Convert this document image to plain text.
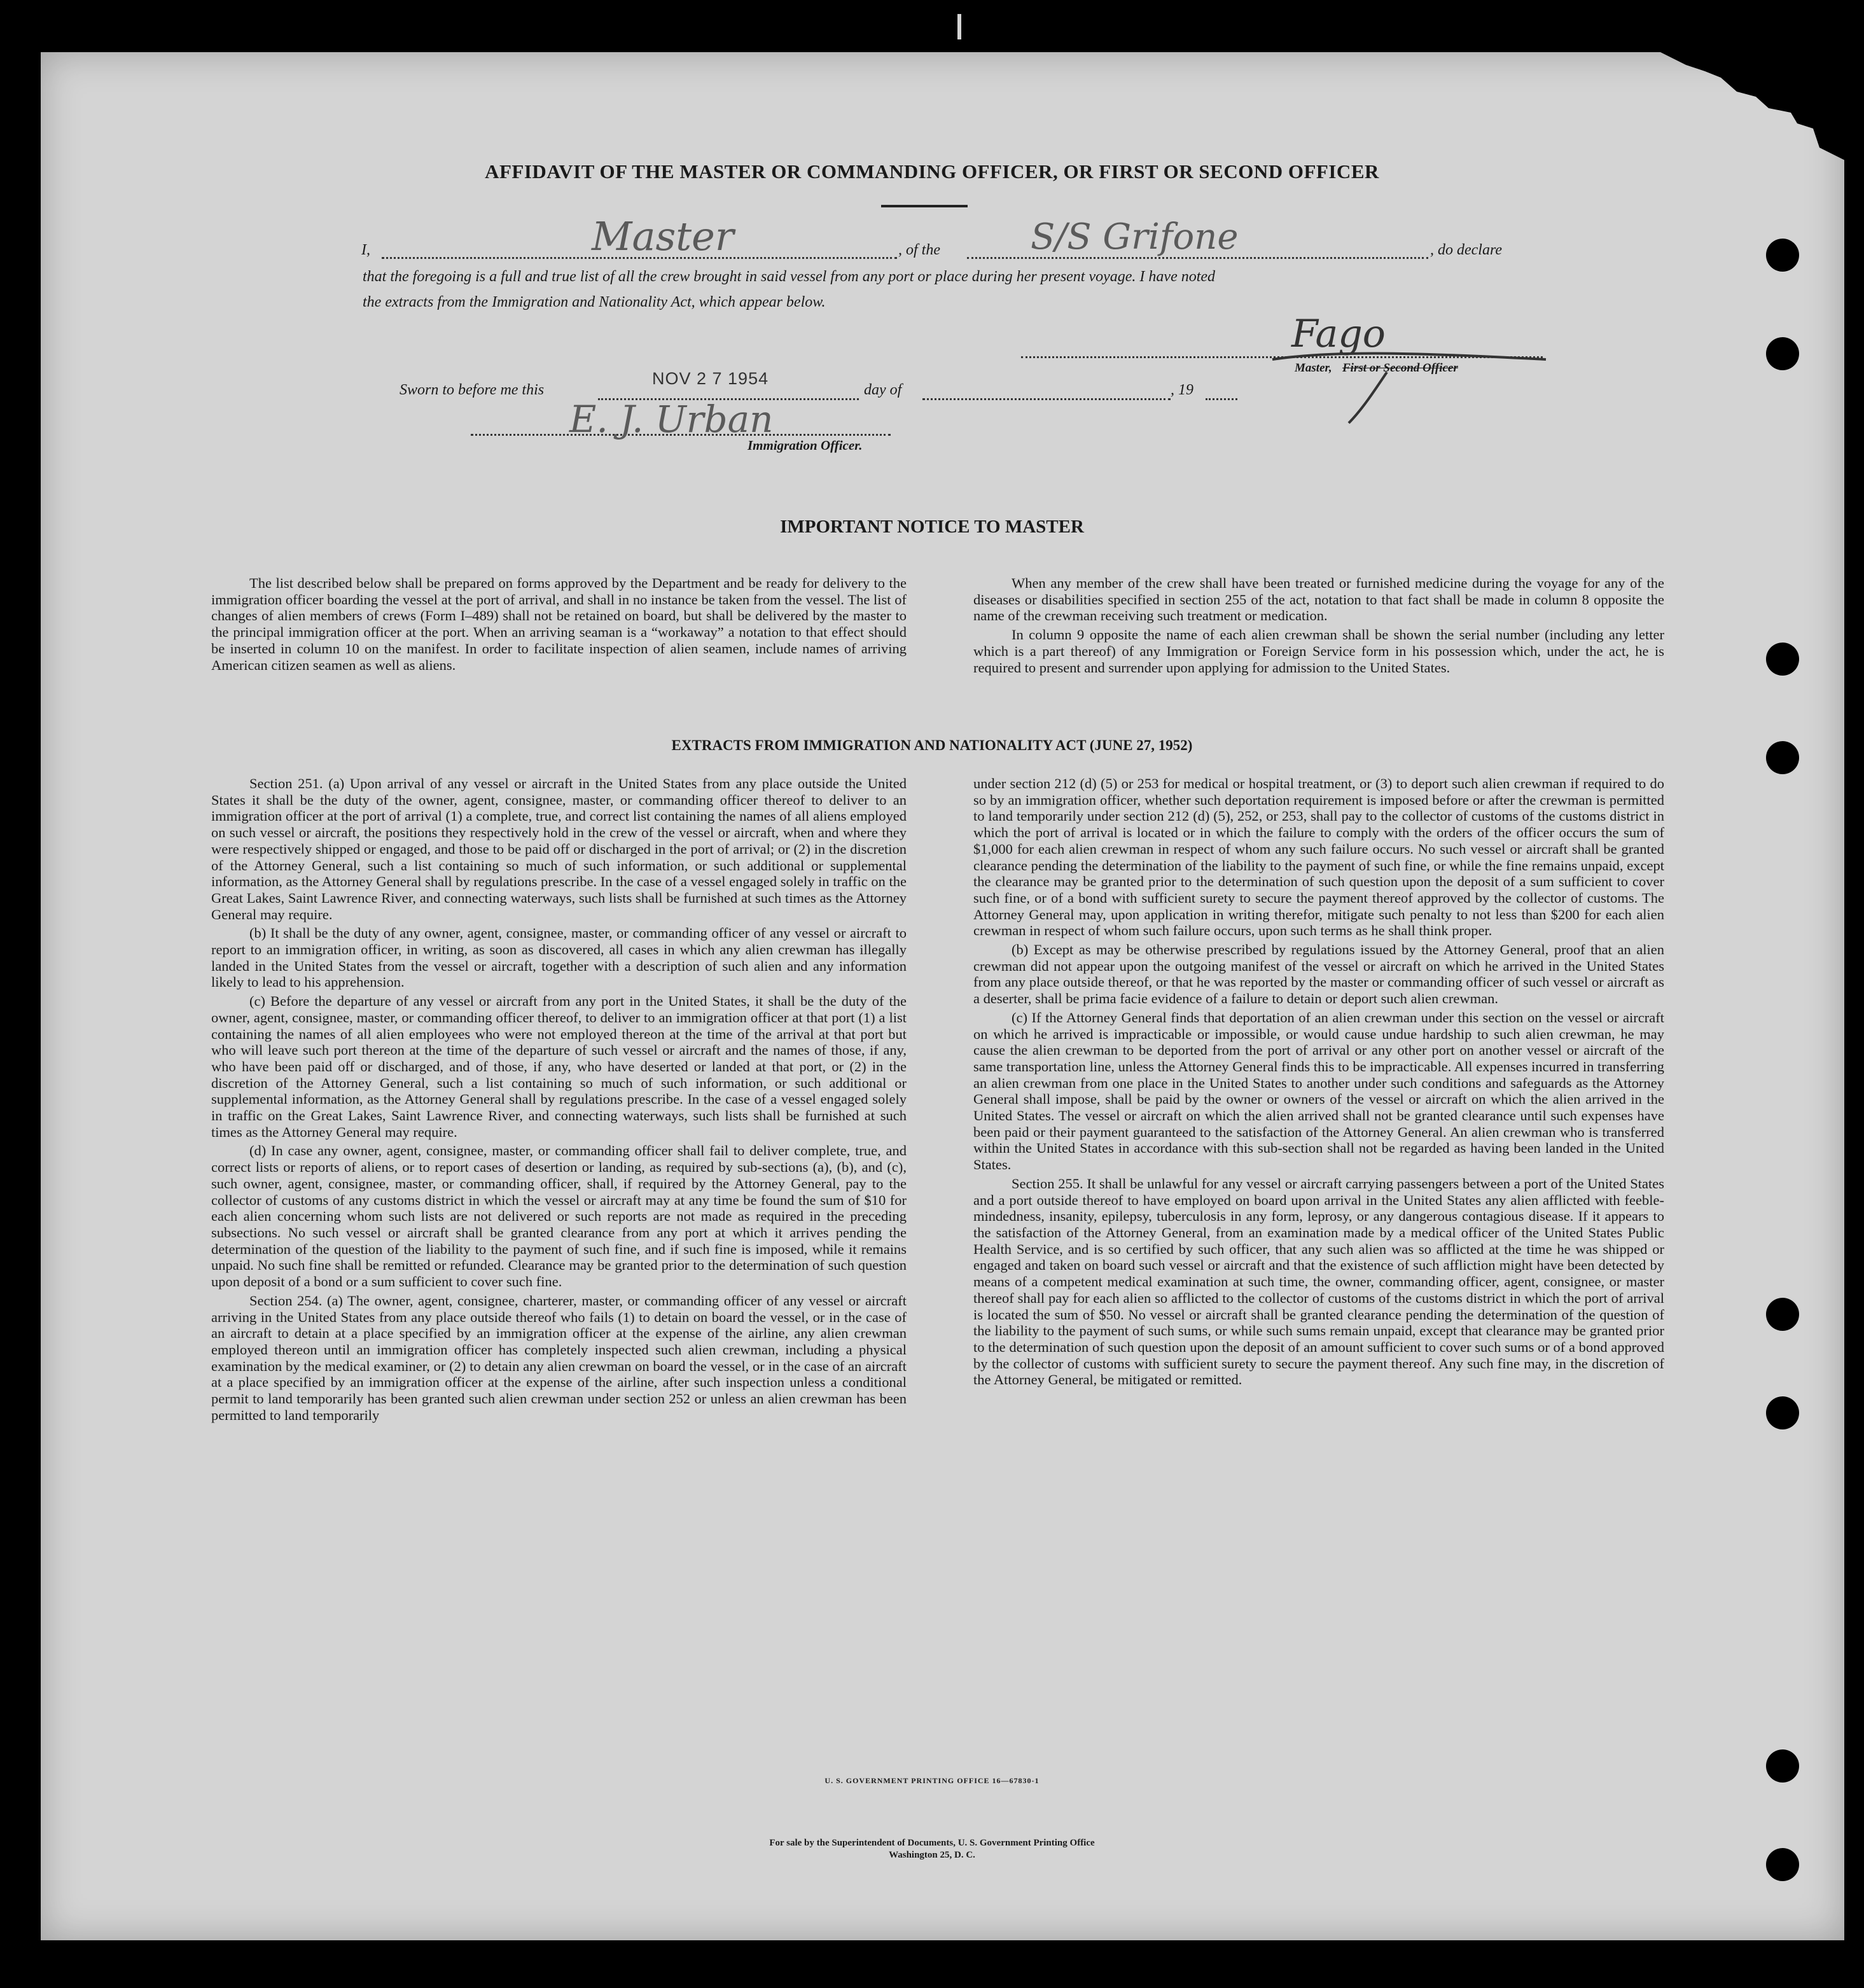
AFFIDAVIT OF THE MASTER OR COMMANDING OFFICER, OR FIRST OR SECOND OFFICER
I,	Master	, of the	S/S Grifone	, do declare
that the foregoing is a full and true list of all the crew brought in said vessel from any port or place during her present voyage. I have noted
the extracts from the Immigration and Nationality Act, which appear below.
Fago
Master, First or Second Officer
Sworn to before me this
NOV 2 7 1954
day of	, 19
E. J. Urban
Immigration Officer.
IMPORTANT NOTICE TO MASTER

The list described below shall be prepared on forms approved by the Department and be ready for delivery to the immigration officer boarding the vessel at the port of arrival, and shall in no instance be taken from the vessel. The list of changes of alien members of crews (Form I–489) shall not be retained on board, but shall be delivered by the master to the principal immigration officer at the port. When an arriving seaman is a “workaway” a notation to that effect should be inserted in column 10 on the manifest. In order to facilitate inspection of alien seamen, include names of arriving American citizen seamen as well as aliens.

When any member of the crew shall have been treated or furnished medicine during the voyage for any of the diseases or disabilities specified in section 255 of the act, notation to that fact shall be made in column 8 opposite the name of the crewman receiving such treatment or medication.

In column 9 opposite the name of each alien crewman shall be shown the serial number (including any letter which is a part thereof) of any Immigration or Foreign Service form in his possession which, under the act, he is required to present and surrender upon applying for admission to the United States.

EXTRACTS FROM IMMIGRATION AND NATIONALITY ACT (JUNE 27, 1952)

Section 251. (a) Upon arrival of any vessel or aircraft in the United States from any place outside the United States it shall be the duty of the owner, agent, consignee, master, or commanding officer thereof to deliver to an immigration officer at the port of arrival (1) a complete, true, and correct list containing the names of all aliens employed on such vessel or aircraft, the positions they respectively hold in the crew of the vessel or aircraft, when and where they were respectively shipped or engaged, and those to be paid off or discharged in the port of arrival; or (2) in the discretion of the Attorney General, such a list containing so much of such information, or such additional or supplemental information, as the Attorney General shall by regulations prescribe. In the case of a vessel engaged solely in traffic on the Great Lakes, Saint Lawrence River, and connecting waterways, such lists shall be furnished at such times as the Attorney General may require.

(b) It shall be the duty of any owner, agent, consignee, master, or commanding officer of any vessel or aircraft to report to an immigration officer, in writing, as soon as discovered, all cases in which any alien crewman has illegally landed in the United States from the vessel or aircraft, together with a description of such alien and any information likely to lead to his apprehension.

(c) Before the departure of any vessel or aircraft from any port in the United States, it shall be the duty of the owner, agent, consignee, master, or commanding officer thereof, to deliver to an immigration officer at that port (1) a list containing the names of all alien employees who were not employed thereon at the time of the arrival at that port but who will leave such port thereon at the time of the departure of such vessel or aircraft and the names of those, if any, who have been paid off or discharged, and of those, if any, who have deserted or landed at that port, or (2) in the discretion of the Attorney General, such a list containing so much of such information, or such additional or supplemental information, as the Attorney General shall by regulations prescribe. In the case of a vessel engaged solely in traffic on the Great Lakes, Saint Lawrence River, and connecting waterways, such lists shall be furnished at such times as the Attorney General may require.

(d) In case any owner, agent, consignee, master, or commanding officer shall fail to deliver complete, true, and correct lists or reports of aliens, or to report cases of desertion or landing, as required by sub-sections (a), (b), and (c), such owner, agent, consignee, master, or commanding officer, shall, if required by the Attorney General, pay to the collector of customs of any customs district in which the vessel or aircraft may at any time be found the sum of $10 for each alien concerning whom such lists are not delivered or such reports are not made as required in the preceding subsections. No such vessel or aircraft shall be granted clearance from any port at which it arrives pending the determination of the question of the liability to the payment of such fine, and if such fine is imposed, while it remains unpaid. No such fine shall be remitted or refunded. Clearance may be granted prior to the determination of such question upon deposit of a bond or a sum sufficient to cover such fine.

Section 254. (a) The owner, agent, consignee, charterer, master, or commanding officer of any vessel or aircraft arriving in the United States from any place outside thereof who fails (1) to detain on board the vessel, or in the case of an aircraft to detain at a place specified by an immigration officer at the expense of the airline, any alien crewman employed thereon until an immigration officer has completely inspected such alien crewman, including a physical examination by the medical examiner, or (2) to detain any alien crewman on board the vessel, or in the case of an aircraft at a place specified by an immigration officer at the expense of the airline, after such inspection unless a conditional permit to land temporarily has been granted such alien crewman under section 252 or unless an alien crewman has been permitted to land temporarily

under section 212 (d) (5) or 253 for medical or hospital treatment, or (3) to deport such alien crewman if required to do so by an immigration officer, whether such deportation requirement is imposed before or after the crewman is permitted to land temporarily under section 212 (d) (5), 252, or 253, shall pay to the collector of customs of the customs district in which the port of arrival is located or in which the failure to comply with the orders of the officer occurs the sum of $1,000 for each alien crewman in respect of whom any such failure occurs. No such vessel or aircraft shall be granted clearance pending the determination of the liability to the payment of such fine, or while the fine remains unpaid, except the clearance may be granted prior to the determination of such question upon the deposit of a sum sufficient to cover such fine, or of a bond with sufficient surety to secure the payment thereof approved by the collector of customs. The Attorney General may, upon application in writing therefor, mitigate such penalty to not less than $200 for each alien crewman in respect of whom such failure occurs, upon such terms as he shall think proper.

(b) Except as may be otherwise prescribed by regulations issued by the Attorney General, proof that an alien crewman did not appear upon the outgoing manifest of the vessel or aircraft on which he arrived in the United States from any place outside thereof, or that he was reported by the master or commanding officer of such vessel or aircraft as a deserter, shall be prima facie evidence of a failure to detain or deport such alien crewman.

(c) If the Attorney General finds that deportation of an alien crewman under this section on the vessel or aircraft on which he arrived is impracticable or impossible, or would cause undue hardship to such alien crewman, he may cause the alien crewman to be deported from the port of arrival or any other port on another vessel or aircraft of the same transportation line, unless the Attorney General finds this to be impracticable. All expenses incurred in transferring an alien crewman from one place in the United States to another under such conditions and safeguards as the Attorney General shall impose, shall be paid by the owner or owners of the vessel or aircraft on which the alien arrived in the United States. The vessel or aircraft on which the alien arrived shall not be granted clearance until such expenses have been paid or their payment guaranteed to the satisfaction of the Attorney General. An alien crewman who is transferred within the United States in accordance with this sub-section shall not be regarded as having been landed in the United States.

Section 255. It shall be unlawful for any vessel or aircraft carrying passengers between a port of the United States and a port outside thereof to have employed on board upon arrival in the United States any alien afflicted with feeble-mindedness, insanity, epilepsy, tuberculosis in any form, leprosy, or any dangerous contagious disease. If it appears to the satisfaction of the Attorney General, from an examination made by a medical officer of the United States Public Health Service, and is so certified by such officer, that any such alien was so afflicted at the time he was shipped or engaged and taken on board such vessel or aircraft and that the existence of such affliction might have been detected by means of a competent medical examination at such time, the owner, commanding officer, agent, consignee, or master thereof shall pay for each alien so afflicted to the collector of customs of the customs district in which the port of arrival is located the sum of $50. No vessel or aircraft shall be granted clearance pending the determination of the question of the liability to the payment of such sums, or while such sums remain unpaid, except that clearance may be granted prior to the determination of such question upon the deposit of an amount sufficient to cover such sums or of a bond approved by the collector of customs with sufficient surety to secure the payment thereof. Any such fine may, in the discretion of the Attorney General, be mitigated or remitted.

U. S. GOVERNMENT PRINTING OFFICE 16—67830-1
For sale by the Superintendent of Documents, U. S. Government Printing Office
Washington 25, D. C.
